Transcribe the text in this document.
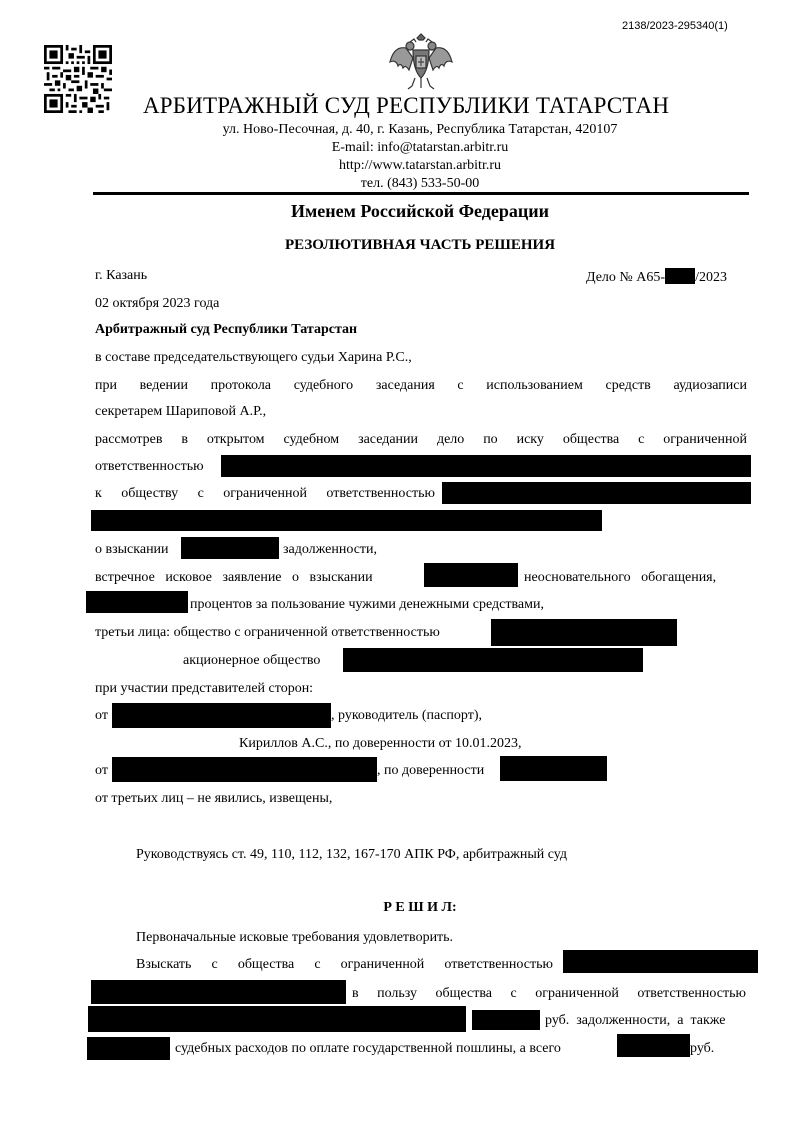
2138/2023-295340(1)
АРБИТРАЖНЫЙ СУД РЕСПУБЛИКИ ТАТАРСТАН
ул. Ново-Песочная, д. 40, г. Казань, Республика Татарстан, 420107
E-mail: info@tatarstan.arbitr.ru
http://www.tatarstan.arbitr.ru
тел. (843) 533-50-00
Именем Российской Федерации
РЕЗОЛЮТИВНАЯ ЧАСТЬ РЕШЕНИЯ
г. Казань	Дело № А65- /2023
02 октября 2023 года
Арбитражный суд Республики Татарстан
в составе председательствующего судьи Харина Р.С.,
при ведении протокола судебного заседания с использованием средств аудиозаписи
секретарем Шариповой А.Р.,
рассмотрев в открытом судебном заседании дело по иску общества с ограниченной
ответственностью
к обществу с ограниченной ответственностью
о взыскании	задолженности,
встречное   исковое   заявление   о   взыскании	неосновательного   обогащения,
процентов за пользование чужими денежными средствами,
третьи лица: общество с ограниченной ответственностью
акционерное общество
при участии представителей сторон:
от	, руководитель (паспорт),
Кириллов А.С., по доверенности от 10.01.2023,
от	, по доверенности
от третьих лиц – не явились, извещены,
Руководствуясь ст. 49, 110, 112, 132, 167-170 АПК РФ, арбитражный суд
Р Е Ш И Л:
Первоначальные исковые требования удовлетворить.
Взыскать с общества с ограниченной ответственностью
в пользу общества с ограниченной ответственностью
руб.  задолженности,  а  также
судебных расходов по оплате государственной пошлины, а всего	руб.
